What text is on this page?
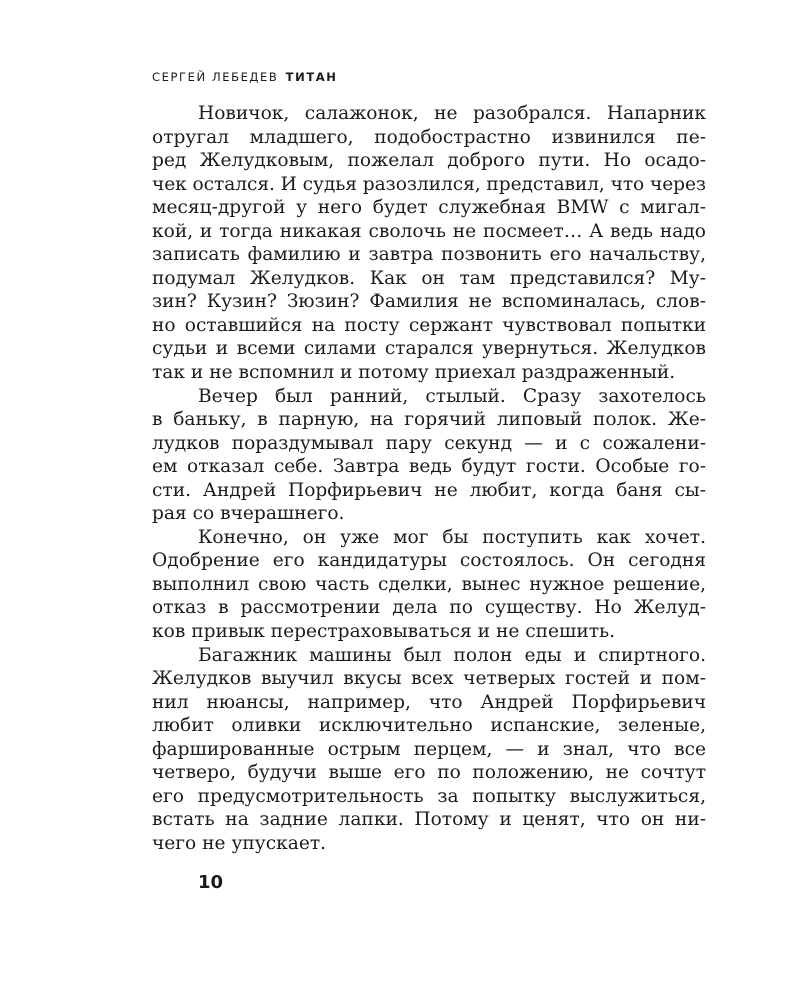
СЕРГЕЙ ЛЕБЕДЕВ ТИТАН
Новичок, салажонок, не разобрался. Напарник
отругал младшего, подобострастно извинился пе-
ред Желудковым, пожелал доброго пути. Но осадо-
чек остался. И судья разозлился, представил, что через
месяц-другой у него будет служебная BMW с мигал-
кой, и тогда никакая сволочь не посмеет… А ведь надо
записать фамилию и завтра позвонить его начальству,
подумал Желудков. Как он там представился? Му-
зин? Кузин? Зюзин? Фамилия не вспоминалась, слов-
но оставшийся на посту сержант чувствовал попытки
судьи и всеми силами старался увернуться. Желудков
так и не вспомнил и потому приехал раздраженный.
Вечер был ранний, стылый. Сразу захотелось
в баньку, в парную, на горячий липовый полок. Же-
лудков пораздумывал пару секунд — и с сожалени-
ем отказал себе. Завтра ведь будут гости. Особые го-
сти. Андрей Порфирьевич не любит, когда баня сы-
рая со вчерашнего.
Конечно, он уже мог бы поступить как хочет.
Одобрение его кандидатуры состоялось. Он сегодня
выполнил свою часть сделки, вынес нужное решение,
отказ в рассмотрении дела по существу. Но Желуд-
ков привык перестраховываться и не спешить.
Багажник машины был полон еды и спиртного.
Желудков выучил вкусы всех четверых гостей и пом-
нил нюансы, например, что Андрей Порфирьевич
любит оливки исключительно испанские, зеленые,
фаршированные острым перцем, — и знал, что все
четверо, будучи выше его по положению, не сочтут
его предусмотрительность за попытку выслужиться,
встать на задние лапки. Потому и ценят, что он ни-
чего не упускает.
10
